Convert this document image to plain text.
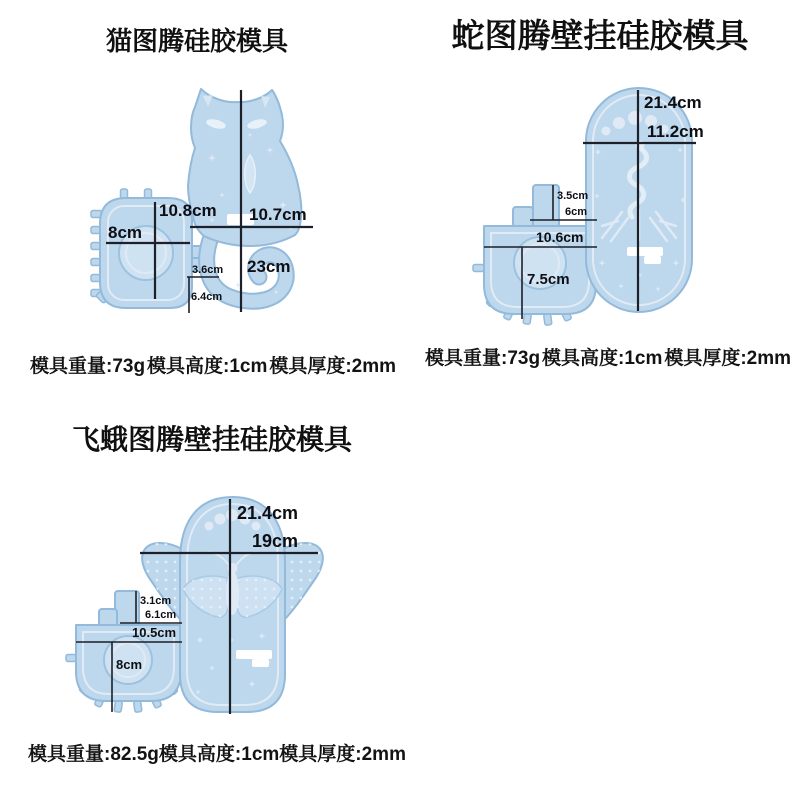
猫图腾硅胶模具	蛇图腾壁挂硅胶模具
飞蛾图腾壁挂硅胶模具
23cm
10.7cm
10.8cm
8cm
3.6cm
6.4cm
21.4cm
11.2cm
3.5cm
6cm
10.6cm
7.5cm
21.4cm
19cm
3.1cm
6.1cm
10.5cm
8cm
模具重量:73g 模具高度:1cm 模具厚度:2mm 模具重量:73g 模具高度:1cm 模具厚度:2mm
模具重量:82.5g 模具高度:1cm 模具厚度:2mm
